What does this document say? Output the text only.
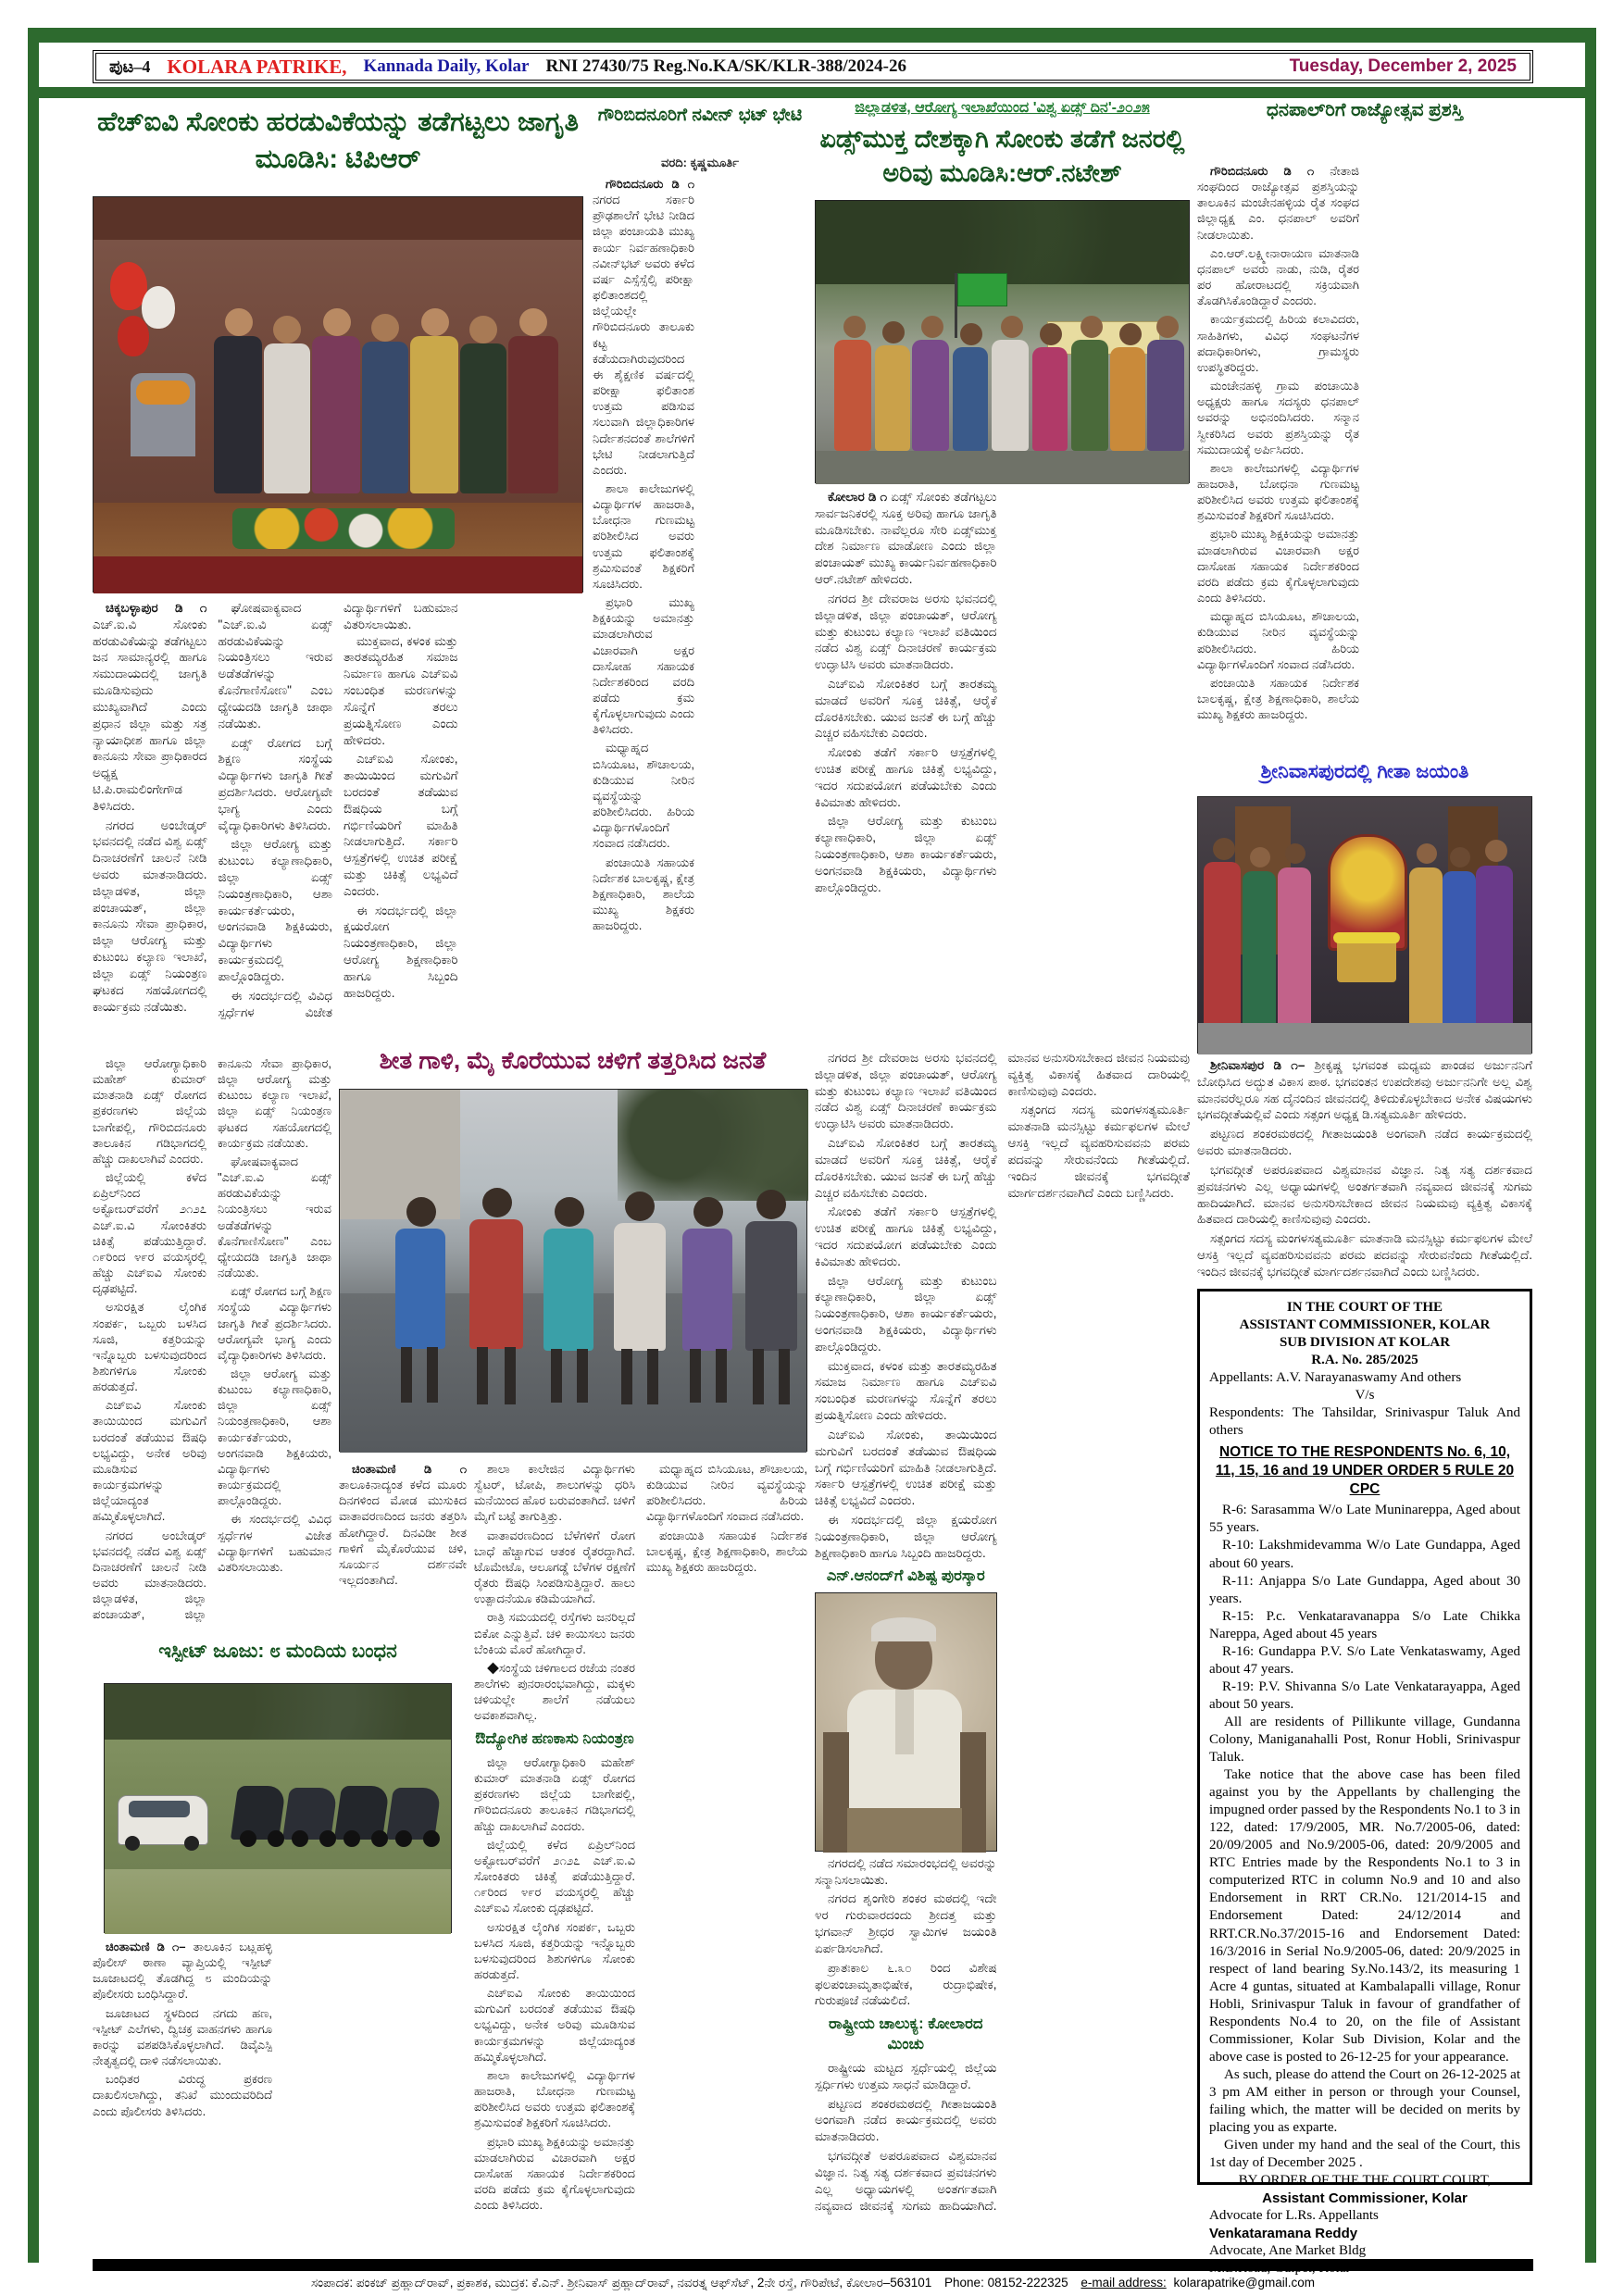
ಪುಟ–4 KOLARA PATRIKE, Kannada Daily, Kolar RNI 27430/75 Reg.No.KA/SK/KLR-388/2024-26	Tuesday, December 2, 2025
ಹೆಚ್‌ಐವಿ ಸೋಂಕು ಹರಡುವಿಕೆಯನ್ನು ತಡೆಗಟ್ಟಲು ಜಾಗೃತಿ ಮೂಡಿಸಿ: ಟಿಪಿಆರ್

ಚಿಕ್ಕಬಳ್ಳಾಪುರ ಡಿ ೧ ಎಚ್.ಐ.ವಿ ಸೋಂಕು ಹರಡುವಿಕೆಯನ್ನು ತಡೆಗಟ್ಟಲು ಜನ ಸಾಮಾನ್ಯರಲ್ಲಿ ಹಾಗೂ ಸಮುದಾಯದಲ್ಲಿ ಜಾಗೃತಿ ಮೂಡಿಸುವುದು ಮುಖ್ಯವಾಗಿದೆ ಎಂದು ಪ್ರಧಾನ ಜಿಲ್ಲಾ ಮತ್ತು ಸತ್ರ ನ್ಯಾಯಾಧೀಶ ಹಾಗೂ ಜಿಲ್ಲಾ ಕಾನೂನು ಸೇವಾ ಪ್ರಾಧಿಕಾರದ ಅಧ್ಯಕ್ಷ ಟಿ.ಪಿ.ರಾಮಲಿಂಗೇಗೌಡ ತಿಳಿಸಿದರು.

ನಗರದ ಅಂಬೇಡ್ಕರ್ ಭವನದಲ್ಲಿ ನಡೆದ ವಿಶ್ವ ಏಡ್ಸ್ ದಿನಾಚರಣೆಗೆ ಚಾಲನೆ ನೀಡಿ ಅವರು ಮಾತನಾಡಿದರು. ಜಿಲ್ಲಾಡಳಿತ, ಜಿಲ್ಲಾ ಪಂಚಾಯತ್, ಜಿಲ್ಲಾ ಕಾನೂನು ಸೇವಾ ಪ್ರಾಧಿಕಾರ, ಜಿಲ್ಲಾ ಆರೋಗ್ಯ ಮತ್ತು ಕುಟುಂಬ ಕಲ್ಯಾಣ ಇಲಾಖೆ, ಜಿಲ್ಲಾ ಏಡ್ಸ್ ನಿಯಂತ್ರಣ ಘಟಕದ ಸಹಯೋಗದಲ್ಲಿ ಕಾರ್ಯಕ್ರಮ ನಡೆಯಿತು.

ಘೋಷವಾಕ್ಯವಾದ "ಎಚ್.ಐ.ವಿ ಏಡ್ಸ್ ಹರಡುವಿಕೆಯನ್ನು ನಿಯಂತ್ರಿಸಲು ಇರುವ ಅಡೆತಡೆಗಳನ್ನು ಕೊನೆಗಾಣಿಸೋಣ" ಎಂಬ ಧ್ಯೇಯದಡಿ ಜಾಗೃತಿ ಜಾಥಾ ನಡೆಯಿತು.

ಏಡ್ಸ್ ರೋಗದ ಬಗ್ಗೆ ಶಿಕ್ಷಣ ಸಂಸ್ಥೆಯ ವಿದ್ಯಾರ್ಥಿಗಳು ಜಾಗೃತಿ ಗೀತೆ ಪ್ರದರ್ಶಿಸಿದರು. ಆರೋಗ್ಯವೇ ಭಾಗ್ಯ ಎಂದು ವೈದ್ಯಾಧಿಕಾರಿಗಳು ತಿಳಿಸಿದರು.

ಜಿಲ್ಲಾ ಆರೋಗ್ಯ ಮತ್ತು ಕುಟುಂಬ ಕಲ್ಯಾಣಾಧಿಕಾರಿ, ಜಿಲ್ಲಾ ಏಡ್ಸ್ ನಿಯಂತ್ರಣಾಧಿಕಾರಿ, ಆಶಾ ಕಾರ್ಯಕರ್ತೆಯರು, ಅಂಗನವಾಡಿ ಶಿಕ್ಷಕಿಯರು, ವಿದ್ಯಾರ್ಥಿಗಳು ಕಾರ್ಯಕ್ರಮದಲ್ಲಿ ಪಾಲ್ಗೊಂಡಿದ್ದರು.

ಈ ಸಂದರ್ಭದಲ್ಲಿ ವಿವಿಧ ಸ್ಪರ್ಧೆಗಳ ವಿಜೇತ ವಿದ್ಯಾರ್ಥಿಗಳಿಗೆ ಬಹುಮಾನ ವಿತರಿಸಲಾಯಿತು.

ಮುಕ್ತವಾದ, ಕಳಂಕ ಮತ್ತು ತಾರತಮ್ಯರಹಿತ ಸಮಾಜ ನಿರ್ಮಾಣ ಹಾಗೂ ಎಚ್‌ಐವಿ ಸಂಬಂಧಿತ ಮರಣಗಳನ್ನು ಸೊನ್ನೆಗೆ ತರಲು ಪ್ರಯತ್ನಿಸೋಣ ಎಂದು ಹೇಳಿದರು.

ಎಚ್‌ಐವಿ ಸೋಂಕು, ತಾಯಿಯಿಂದ ಮಗುವಿಗೆ ಬರದಂತೆ ತಡೆಯುವ ಔಷಧಿಯ ಬಗ್ಗೆ ಗರ್ಭಿಣಿಯರಿಗೆ ಮಾಹಿತಿ ನೀಡಲಾಗುತ್ತಿದೆ. ಸರ್ಕಾರಿ ಆಸ್ಪತ್ರೆಗಳಲ್ಲಿ ಉಚಿತ ಪರೀಕ್ಷೆ ಮತ್ತು ಚಿಕಿತ್ಸೆ ಲಭ್ಯವಿದೆ ಎಂದರು.

ಈ ಸಂದರ್ಭದಲ್ಲಿ ಜಿಲ್ಲಾ ಕ್ಷಯರೋಗ ನಿಯಂತ್ರಣಾಧಿಕಾರಿ, ಜಿಲ್ಲಾ ಆರೋಗ್ಯ ಶಿಕ್ಷಣಾಧಿಕಾರಿ ಹಾಗೂ ಸಿಬ್ಬಂದಿ ಹಾಜರಿದ್ದರು.

ಗೌರಿಬಿದನೂರಿಗೆ ನವೀನ್ ಭಟ್ ಭೇಟಿ
ವರದಿ: ಕೃಷ್ಣಮೂರ್ತಿ

ಗೌರಿಬಿದನೂರು ಡಿ ೧ ನಗರದ ಸರ್ಕಾರಿ ಪ್ರೌಢಶಾಲೆಗೆ ಭೇಟಿ ನೀಡಿದ ಜಿಲ್ಲಾ ಪಂಚಾಯತಿ ಮುಖ್ಯ ಕಾರ್ಯ ನಿರ್ವಹಣಾಧಿಕಾರಿ ನವೀನ್‌ಭಟ್ ಅವರು ಕಳೆದ ವರ್ಷ ಎಸ್ಸೆಸ್ಸೆಲ್ಸಿ ಪರೀಕ್ಷಾ ಫಲಿತಾಂಶದಲ್ಲಿ ಜಿಲ್ಲೆಯಲ್ಲೇ ಗೌರಿಬಿದನೂರು ತಾಲೂಕು ಕಟ್ಟ ಕಡೆಯದಾಗಿರುವುದರಿಂದ ಈ ಶೈಕ್ಷಣಿಕ ವರ್ಷದಲ್ಲಿ ಪರೀಕ್ಷಾ ಫಲಿತಾಂಶ ಉತ್ತಮ ಪಡಿಸುವ ಸಲುವಾಗಿ ಜಿಲ್ಲಾಧಿಕಾರಿಗಳ ನಿರ್ದೇಶನದಂತೆ ಶಾಲೆಗಳಿಗೆ ಭೇಟಿ ನೀಡಲಾಗುತ್ತಿದೆ ಎಂದರು.

ಶಾಲಾ ಕಾಲೇಜುಗಳಲ್ಲಿ ವಿದ್ಯಾರ್ಥಿಗಳ ಹಾಜರಾತಿ, ಬೋಧನಾ ಗುಣಮಟ್ಟ ಪರಿಶೀಲಿಸಿದ ಅವರು ಉತ್ತಮ ಫಲಿತಾಂಶಕ್ಕೆ ಶ್ರಮಿಸುವಂತೆ ಶಿಕ್ಷಕರಿಗೆ ಸೂಚಿಸಿದರು.

ಪ್ರಭಾರಿ ಮುಖ್ಯ ಶಿಕ್ಷಕಿಯನ್ನು ಅಮಾನತ್ತು ಮಾಡಲಾಗಿರುವ ವಿಚಾರವಾಗಿ ಅಕ್ಷರ ದಾಸೋಹ ಸಹಾಯಕ ನಿರ್ದೇಶಕರಿಂದ ವರದಿ ಪಡೆದು ಕ್ರಮ ಕೈಗೊಳ್ಳಲಾಗುವುದು ಎಂದು ತಿಳಿಸಿದರು.

ಮಧ್ಯಾಹ್ನದ ಬಿಸಿಯೂಟ, ಶೌಚಾಲಯ, ಕುಡಿಯುವ ನೀರಿನ ವ್ಯವಸ್ಥೆಯನ್ನು ಪರಿಶೀಲಿಸಿದರು. ಹಿರಿಯ ವಿದ್ಯಾರ್ಥಿಗಳೊಂದಿಗೆ ಸಂವಾದ ನಡೆಸಿದರು.

ಪಂಚಾಯಿತಿ ಸಹಾಯಕ ನಿರ್ದೇಶಕ ಬಾಲಕೃಷ್ಣ, ಕ್ಷೇತ್ರ ಶಿಕ್ಷಣಾಧಿಕಾರಿ, ಶಾಲೆಯ ಮುಖ್ಯ ಶಿಕ್ಷಕರು ಹಾಜರಿದ್ದರು.

ಜಿಲ್ಲಾಡಳಿತ, ಆರೋಗ್ಯ ಇಲಾಖೆಯಿಂದ 'ವಿಶ್ವ ಏಡ್ಸ್ ದಿನ'-೨೦೨೫
ಏಡ್ಸ್‌ಮುಕ್ತ ದೇಶಕ್ಕಾಗಿ ಸೋಂಕು ತಡೆಗೆ ಜನರಲ್ಲಿ ಅರಿವು ಮೂಡಿಸಿ:ಆರ್.ನಟೇಶ್

ಕೋಲಾರ ಡಿ ೧ ಏಡ್ಸ್ ಸೋಂಕು ತಡೆಗಟ್ಟಲು ಸಾರ್ವಜನಿಕರಲ್ಲಿ ಸೂಕ್ತ ಅರಿವು ಹಾಗೂ ಜಾಗೃತಿ ಮೂಡಿಸಬೇಕು. ನಾವೆಲ್ಲರೂ ಸೇರಿ ಏಡ್ಸ್‌ಮುಕ್ತ ದೇಶ ನಿರ್ಮಾಣ ಮಾಡೋಣ ಎಂದು ಜಿಲ್ಲಾ ಪಂಚಾಯತ್ ಮುಖ್ಯ ಕಾರ್ಯನಿರ್ವಹಣಾಧಿಕಾರಿ ಆರ್.ನಟೇಶ್ ಹೇಳಿದರು.

ನಗರದ ಶ್ರೀ ದೇವರಾಜ ಅರಸು ಭವನದಲ್ಲಿ ಜಿಲ್ಲಾಡಳಿತ, ಜಿಲ್ಲಾ ಪಂಚಾಯತ್, ಆರೋಗ್ಯ ಮತ್ತು ಕುಟುಂಬ ಕಲ್ಯಾಣ ಇಲಾಖೆ ವತಿಯಿಂದ ನಡೆದ ವಿಶ್ವ ಏಡ್ಸ್ ದಿನಾಚರಣೆ ಕಾರ್ಯಕ್ರಮ ಉದ್ಘಾಟಿಸಿ ಅವರು ಮಾತನಾಡಿದರು.

ಎಚ್‌ಐವಿ ಸೋಂಕಿತರ ಬಗ್ಗೆ ತಾರತಮ್ಯ ಮಾಡದೆ ಅವರಿಗೆ ಸೂಕ್ತ ಚಿಕಿತ್ಸೆ, ಆರೈಕೆ ದೊರಕಿಸಬೇಕು. ಯುವ ಜನತೆ ಈ ಬಗ್ಗೆ ಹೆಚ್ಚು ಎಚ್ಚರ ವಹಿಸಬೇಕು ಎಂದರು.

ಸೋಂಕು ತಡೆಗೆ ಸರ್ಕಾರಿ ಆಸ್ಪತ್ರೆಗಳಲ್ಲಿ ಉಚಿತ ಪರೀಕ್ಷೆ ಹಾಗೂ ಚಿಕಿತ್ಸೆ ಲಭ್ಯವಿದ್ದು, ಇದರ ಸದುಪಯೋಗ ಪಡೆಯಬೇಕು ಎಂದು ಕಿವಿಮಾತು ಹೇಳಿದರು.

ಜಿಲ್ಲಾ ಆರೋಗ್ಯ ಮತ್ತು ಕುಟುಂಬ ಕಲ್ಯಾಣಾಧಿಕಾರಿ, ಜಿಲ್ಲಾ ಏಡ್ಸ್ ನಿಯಂತ್ರಣಾಧಿಕಾರಿ, ಆಶಾ ಕಾರ್ಯಕರ್ತೆಯರು, ಅಂಗನವಾಡಿ ಶಿಕ್ಷಕಿಯರು, ವಿದ್ಯಾರ್ಥಿಗಳು ಪಾಲ್ಗೊಂಡಿದ್ದರು.

ಧನಪಾಲ್‌ರಿಗೆ ರಾಜ್ಯೋತ್ಸವ ಪ್ರಶಸ್ತಿ

ಗೌರಿಬಿದನೂರು ಡಿ ೧ ನೇತಾಜಿ ಸಂಘದಿಂದ ರಾಜ್ಯೋತ್ಸವ ಪ್ರಶಸ್ತಿಯನ್ನು ತಾಲೂಕಿನ ಮಂಚೇನಹಳ್ಳಿಯ ರೈತ ಸಂಘದ ಜಿಲ್ಲಾಧ್ಯಕ್ಷ ಎಂ. ಧನಪಾಲ್ ಅವರಿಗೆ ನೀಡಲಾಯಿತು.

ಎಂ.ಆರ್.ಲಕ್ಷ್ಮೀನಾರಾಯಣ ಮಾತನಾಡಿ ಧನಪಾಲ್ ಅವರು ನಾಡು, ನುಡಿ, ರೈತರ ಪರ ಹೋರಾಟದಲ್ಲಿ ಸಕ್ರಿಯವಾಗಿ ತೊಡಗಿಸಿಕೊಂಡಿದ್ದಾರೆ ಎಂದರು.

ಕಾರ್ಯಕ್ರಮದಲ್ಲಿ ಹಿರಿಯ ಕಲಾವಿದರು, ಸಾಹಿತಿಗಳು, ವಿವಿಧ ಸಂಘಟನೆಗಳ ಪದಾಧಿಕಾರಿಗಳು, ಗ್ರಾಮಸ್ಥರು ಉಪಸ್ಥಿತರಿದ್ದರು.

ಮಂಚೇನಹಳ್ಳಿ ಗ್ರಾಮ ಪಂಚಾಯಿತಿ ಅಧ್ಯಕ್ಷರು ಹಾಗೂ ಸದಸ್ಯರು ಧನಪಾಲ್ ಅವರನ್ನು ಅಭಿನಂದಿಸಿದರು. ಸನ್ಮಾನ ಸ್ವೀಕರಿಸಿದ ಅವರು ಪ್ರಶಸ್ತಿಯನ್ನು ರೈತ ಸಮುದಾಯಕ್ಕೆ ಅರ್ಪಿಸಿದರು.

ಶಾಲಾ ಕಾಲೇಜುಗಳಲ್ಲಿ ವಿದ್ಯಾರ್ಥಿಗಳ ಹಾಜರಾತಿ, ಬೋಧನಾ ಗುಣಮಟ್ಟ ಪರಿಶೀಲಿಸಿದ ಅವರು ಉತ್ತಮ ಫಲಿತಾಂಶಕ್ಕೆ ಶ್ರಮಿಸುವಂತೆ ಶಿಕ್ಷಕರಿಗೆ ಸೂಚಿಸಿದರು.

ಪ್ರಭಾರಿ ಮುಖ್ಯ ಶಿಕ್ಷಕಿಯನ್ನು ಅಮಾನತ್ತು ಮಾಡಲಾಗಿರುವ ವಿಚಾರವಾಗಿ ಅಕ್ಷರ ದಾಸೋಹ ಸಹಾಯಕ ನಿರ್ದೇಶಕರಿಂದ ವರದಿ ಪಡೆದು ಕ್ರಮ ಕೈಗೊಳ್ಳಲಾಗುವುದು ಎಂದು ತಿಳಿಸಿದರು.

ಮಧ್ಯಾಹ್ನದ ಬಿಸಿಯೂಟ, ಶೌಚಾಲಯ, ಕುಡಿಯುವ ನೀರಿನ ವ್ಯವಸ್ಥೆಯನ್ನು ಪರಿಶೀಲಿಸಿದರು. ಹಿರಿಯ ವಿದ್ಯಾರ್ಥಿಗಳೊಂದಿಗೆ ಸಂವಾದ ನಡೆಸಿದರು.

ಪಂಚಾಯಿತಿ ಸಹಾಯಕ ನಿರ್ದೇಶಕ ಬಾಲಕೃಷ್ಣ, ಕ್ಷೇತ್ರ ಶಿಕ್ಷಣಾಧಿಕಾರಿ, ಶಾಲೆಯ ಮುಖ್ಯ ಶಿಕ್ಷಕರು ಹಾಜರಿದ್ದರು.

ಶ್ರೀನಿವಾಸಪುರದಲ್ಲಿ ಗೀತಾ ಜಯಂತಿ

ಶ್ರೀನಿವಾಸಪುರ ಡಿ ೧– ಶ್ರೀಕೃಷ್ಣ ಭಗವಂತ ಮಧ್ಯಮ ಪಾಂಡವ ಅರ್ಜುನನಿಗೆ ಬೋಧಿಸಿದ ಅದ್ಭುತ ವಿಕಾಸ ಪಾಠ. ಭಗವಂತನ ಉಪದೇಶವು ಅರ್ಜುನನಿಗೇ ಅಲ್ಲ ವಿಶ್ವ ಮಾನವರೆಲ್ಲರೂ ಸಹ ದೈನಂದಿನ ಜೀವನದಲ್ಲಿ ತಿಳಿದುಕೊಳ್ಳಬೇಕಾದ ಅನೇಕ ವಿಷಯಗಳು ಭಗವದ್ಗೀತೆಯಲ್ಲಿವೆ ಎಂದು ಸತ್ಸಂಗ ಅಧ್ಯಕ್ಷ ಡಿ.ಸತ್ಯಮೂರ್ತಿ ಹೇಳಿದರು.

ಪಟ್ಟಣದ ಶಂಕರಮಠದಲ್ಲಿ ಗೀತಾಜಯಂತಿ ಅಂಗವಾಗಿ ನಡೆದ ಕಾರ್ಯಕ್ರಮದಲ್ಲಿ ಅವರು ಮಾತನಾಡಿದರು.

ಭಗವದ್ಗೀತೆ ಅಪರೂಪವಾದ ವಿಶ್ವಮಾನವ ವಿಜ್ಞಾನ. ನಿತ್ಯ ಸತ್ಯ ದರ್ಶಕವಾದ ಪ್ರವಚನಗಳು ಎಲ್ಲ ಅಧ್ಯಾಯಗಳಲ್ಲಿ ಅಂತರ್ಗತವಾಗಿ ನವ್ಯವಾದ ಜೀವನಕ್ಕೆ ಸುಗಮ ಹಾದಿಯಾಗಿದೆ. ಮಾನವ ಅನುಸರಿಸಬೇಕಾದ ಜೀವನ ನಿಯಮವು ವ್ಯಕ್ತಿತ್ವ ವಿಕಾಸಕ್ಕೆ ಹಿತವಾದ ದಾರಿಯಲ್ಲಿ ಕಾಣಿಸುವುವು ಎಂದರು.

ಸತ್ಸಂಗದ ಸದಸ್ಯ ಮಂಗಳಸತ್ಯಮೂರ್ತಿ ಮಾತನಾಡಿ ಮನಸ್ಸಿಟ್ಟು ಕರ್ಮಫಲಗಳ ಮೇಲೆ ಆಸಕ್ತಿ ಇಲ್ಲದೆ ವ್ಯವಹರಿಸುವವನು ಪರಮ ಪದವನ್ನು ಸೇರುವನೆಂದು ಗೀತೆಯಲ್ಲಿದೆ. ಇಂದಿನ ಜೀವನಕ್ಕೆ ಭಗವದ್ಗೀತೆ ಮಾರ್ಗದರ್ಶನವಾಗಿದೆ ಎಂದು ಬಣ್ಣಿಸಿದರು.

IN THE COURT OF THE

ASSISTANT COMMISSIONER, KOLAR

SUB DIVISION AT KOLAR

R.A. No. 285/2025

Appellants: A.V. Narayanaswamy And others

V/s

Respondents: The Tahsildar, Srinivaspur Taluk And others

NOTICE TO THE RESPONDENTS No. 6, 10, 11, 15, 16 and 19 UNDER ORDER 5 RULE 20 CPC

R-6: Sarasamma W/o Late Muninareppa, Aged about 55 years.

R-10: Lakshmidevamma W/o Late Gundappa, Aged about 60 years.

R-11: Anjappa S/o Late Gundappa, Aged about 30 years.

R-15: P.c. Venkataravanappa S/o Late Chikka Nareppa, Aged about 45 years

R-16: Gundappa P.V. S/o Late Venkataswamy, Aged about 47 years.

R-19: P.V. Shivanna S/o Late Venkatarayappa, Aged about 50 years.

All are residents of Pillikunte village, Gundanna Colony, Maniganahalli Post, Ronur Hobli, Srinivaspur Taluk.

Take notice that the above case has been filed against you by the Appellants by challenging the impugned order passed by the Respondents No.1 to 3 in 122, dated: 17/9/2005, MR. No.7/2005-06, dated: 20/09/2005 and No.9/2005-06, dated: 20/9/2005 and RTC Entries made by the Respondents No.1 to 3 in computerized RTC in column No.9 and 10 and also Endorsement in RRT CR.No. 121/2014-15 and Endorsement Dated: 24/12/2014 and RRT.CR.No.37/2015-16 and Endorsement Dated: 16/3/2016 in Serial No.9/2005-06, dated: 20/9/2025 in respect of land bearing Sy.No.143/2, its measuring 1 Acre 4 guntas, situated at Kambalapalli village, Ronur Hobli, Srinivaspur Taluk in favour of grandfather of Respondents No.4 to 20, on the file of Assistant Commissioner, Kolar Sub Division, Kolar and the above case is posted to 26-12-25 for your appearance.

As such, please do attend the Court on 26-12-2025 at 3 pm AM either in person or through your Counsel, failing which, the matter will be decided on merits by placing you as exparte.

Given under my hand and the seal of the Court, this 1st day of December 2025 .

BY ORDER OF THE THE COURT COURT,

Assistant Commissioner, Kolar

Advocate for L.Rs. Appellants

Venkataramana Reddy

Advocate, Ane Market Bldg

ಶೀತ ಗಾಳಿ, ಮೈ ಕೊರೆಯುವ ಚಳಿಗೆ ತತ್ತರಿಸಿದ ಜನತೆ

ಜಿಲ್ಲಾ ಆರೋಗ್ಯಾಧಿಕಾರಿ ಮಹೇಶ್ ಕುಮಾರ್ ಮಾತನಾಡಿ ಏಡ್ಸ್ ರೋಗದ ಪ್ರಕರಣಗಳು ಜಿಲ್ಲೆಯ ಬಾಗೇಪಲ್ಲಿ, ಗೌರಿಬಿದನೂರು ತಾಲೂಕಿನ ಗಡಿಭಾಗದಲ್ಲಿ ಹೆಚ್ಚು ದಾಖಲಾಗಿವೆ ಎಂದರು.

ಜಿಲ್ಲೆಯಲ್ಲಿ ಕಳೆದ ಏಪ್ರಿಲ್‌ನಿಂದ ಅಕ್ಟೋಬರ್‌ವರೆಗೆ ೨೧೨೭ ಎಚ್.ಐ.ವಿ ಸೋಂಕಿತರು ಚಿಕಿತ್ಸೆ ಪಡೆಯುತ್ತಿದ್ದಾರೆ. ೧೯ರಿಂದ ೪೯ರ ವಯಸ್ಕರಲ್ಲಿ ಹೆಚ್ಚು ಎಚ್‌ಐವಿ ಸೋಂಕು ದೃಢಪಟ್ಟಿದೆ.

ಅಸುರಕ್ಷಿತ ಲೈಂಗಿಕ ಸಂಪರ್ಕ, ಒಬ್ಬರು ಬಳಸಿದ ಸೂಜಿ, ಕತ್ತರಿಯನ್ನು ಇನ್ನೊಬ್ಬರು ಬಳಸುವುದರಿಂದ ಶಿಶುಗಳಿಗೂ ಸೋಂಕು ಹರಡುತ್ತದೆ.

ಎಚ್‌ಐವಿ ಸೋಂಕು ತಾಯಿಯಿಂದ ಮಗುವಿಗೆ ಬರದಂತೆ ತಡೆಯುವ ಔಷಧಿ ಲಭ್ಯವಿದ್ದು, ಅನೇಕ ಅರಿವು ಮೂಡಿಸುವ ಕಾರ್ಯಕ್ರಮಗಳನ್ನು ಜಿಲ್ಲೆಯಾದ್ಯಂತ ಹಮ್ಮಿಕೊಳ್ಳಲಾಗಿದೆ.

ನಗರದ ಅಂಬೇಡ್ಕರ್ ಭವನದಲ್ಲಿ ನಡೆದ ವಿಶ್ವ ಏಡ್ಸ್ ದಿನಾಚರಣೆಗೆ ಚಾಲನೆ ನೀಡಿ ಅವರು ಮಾತನಾಡಿದರು. ಜಿಲ್ಲಾಡಳಿತ, ಜಿಲ್ಲಾ ಪಂಚಾಯತ್, ಜಿಲ್ಲಾ ಕಾನೂನು ಸೇವಾ ಪ್ರಾಧಿಕಾರ, ಜಿಲ್ಲಾ ಆರೋಗ್ಯ ಮತ್ತು ಕುಟುಂಬ ಕಲ್ಯಾಣ ಇಲಾಖೆ, ಜಿಲ್ಲಾ ಏಡ್ಸ್ ನಿಯಂತ್ರಣ ಘಟಕದ ಸಹಯೋಗದಲ್ಲಿ ಕಾರ್ಯಕ್ರಮ ನಡೆಯಿತು.

ಘೋಷವಾಕ್ಯವಾದ "ಎಚ್.ಐ.ವಿ ಏಡ್ಸ್ ಹರಡುವಿಕೆಯನ್ನು ನಿಯಂತ್ರಿಸಲು ಇರುವ ಅಡೆತಡೆಗಳನ್ನು ಕೊನೆಗಾಣಿಸೋಣ" ಎಂಬ ಧ್ಯೇಯದಡಿ ಜಾಗೃತಿ ಜಾಥಾ ನಡೆಯಿತು.

ಏಡ್ಸ್ ರೋಗದ ಬಗ್ಗೆ ಶಿಕ್ಷಣ ಸಂಸ್ಥೆಯ ವಿದ್ಯಾರ್ಥಿಗಳು ಜಾಗೃತಿ ಗೀತೆ ಪ್ರದರ್ಶಿಸಿದರು. ಆರೋಗ್ಯವೇ ಭಾಗ್ಯ ಎಂದು ವೈದ್ಯಾಧಿಕಾರಿಗಳು ತಿಳಿಸಿದರು.

ಜಿಲ್ಲಾ ಆರೋಗ್ಯ ಮತ್ತು ಕುಟುಂಬ ಕಲ್ಯಾಣಾಧಿಕಾರಿ, ಜಿಲ್ಲಾ ಏಡ್ಸ್ ನಿಯಂತ್ರಣಾಧಿಕಾರಿ, ಆಶಾ ಕಾರ್ಯಕರ್ತೆಯರು, ಅಂಗನವಾಡಿ ಶಿಕ್ಷಕಿಯರು, ವಿದ್ಯಾರ್ಥಿಗಳು ಕಾರ್ಯಕ್ರಮದಲ್ಲಿ ಪಾಲ್ಗೊಂಡಿದ್ದರು.

ಈ ಸಂದರ್ಭದಲ್ಲಿ ವಿವಿಧ ಸ್ಪರ್ಧೆಗಳ ವಿಜೇತ ವಿದ್ಯಾರ್ಥಿಗಳಿಗೆ ಬಹುಮಾನ ವಿತರಿಸಲಾಯಿತು.

ಚಿಂತಾಮಣಿ ಡಿ ೧ ತಾಲೂಕಿನಾದ್ಯಂತ ಕಳೆದ ಮೂರು ದಿನಗಳಿಂದ ಮೋಡ ಮುಸುಕಿದ ವಾತಾವರಣದಿಂದ ಜನರು ತತ್ತರಿಸಿ ಹೋಗಿದ್ದಾರೆ. ದಿನವಿಡೀ ಶೀತ ಗಾಳಿಗೆ ಮೈಕೊರೆಯುವ ಚಳಿ, ಸೂರ್ಯನ ದರ್ಶನವೇ ಇಲ್ಲದಂತಾಗಿದೆ.

ಶಾಲಾ ಕಾಲೇಜಿನ ವಿದ್ಯಾರ್ಥಿಗಳು ಸ್ವೆಟರ್, ಟೋಪಿ, ಶಾಲುಗಳನ್ನು ಧರಿಸಿ ಮನೆಯಿಂದ ಹೊರ ಬರುವಂತಾಗಿದೆ. ಚಳಿಗೆ ಮೈಗೆ ಬಟ್ಟೆ ತಾಗುತ್ತಿತ್ತು.

ವಾತಾವರಣದಿಂದ ಬೆಳೆಗಳಿಗೆ ರೋಗ ಬಾಧೆ ಹೆಚ್ಚಾಗುವ ಆತಂಕ ರೈತರದ್ದಾಗಿದೆ. ಟೊಮೇಟೊ, ಆಲೂಗಡ್ಡೆ ಬೆಳೆಗಳ ರಕ್ಷಣೆಗೆ ರೈತರು ಔಷಧಿ ಸಿಂಪಡಿಸುತ್ತಿದ್ದಾರೆ. ಹಾಲು ಉತ್ಪಾದನೆಯೂ ಕಡಿಮೆಯಾಗಿದೆ.

ರಾತ್ರಿ ಸಮಯದಲ್ಲಿ ರಸ್ತೆಗಳು ಜನರಿಲ್ಲದೆ ಬಿಕೋ ಎನ್ನುತ್ತಿವೆ. ಚಳಿ ಕಾಯಿಸಲು ಜನರು ಬೆಂಕಿಯ ಮೊರೆ ಹೋಗಿದ್ದಾರೆ.

◆ಸಂಸ್ಥೆಯ ಚಳಿಗಾಲದ ರಜೆಯ ನಂತರ ಶಾಲೆಗಳು ಪುನರಾರಂಭವಾಗಿದ್ದು, ಮಕ್ಕಳು ಚಳಿಯಲ್ಲೇ ಶಾಲೆಗೆ ನಡೆಯಲು ಅವಕಾಶವಾಗಿಲ್ಲ.

ಔದ್ಯೋಗಿಕ ಹಣಕಾಸು ನಿಯಂತ್ರಣ

ಜಿಲ್ಲಾ ಆರೋಗ್ಯಾಧಿಕಾರಿ ಮಹೇಶ್ ಕುಮಾರ್ ಮಾತನಾಡಿ ಏಡ್ಸ್ ರೋಗದ ಪ್ರಕರಣಗಳು ಜಿಲ್ಲೆಯ ಬಾಗೇಪಲ್ಲಿ, ಗೌರಿಬಿದನೂರು ತಾಲೂಕಿನ ಗಡಿಭಾಗದಲ್ಲಿ ಹೆಚ್ಚು ದಾಖಲಾಗಿವೆ ಎಂದರು.

ಜಿಲ್ಲೆಯಲ್ಲಿ ಕಳೆದ ಏಪ್ರಿಲ್‌ನಿಂದ ಅಕ್ಟೋಬರ್‌ವರೆಗೆ ೨೧೨೭ ಎಚ್.ಐ.ವಿ ಸೋಂಕಿತರು ಚಿಕಿತ್ಸೆ ಪಡೆಯುತ್ತಿದ್ದಾರೆ. ೧೯ರಿಂದ ೪೯ರ ವಯಸ್ಕರಲ್ಲಿ ಹೆಚ್ಚು ಎಚ್‌ಐವಿ ಸೋಂಕು ದೃಢಪಟ್ಟಿದೆ.

ಅಸುರಕ್ಷಿತ ಲೈಂಗಿಕ ಸಂಪರ್ಕ, ಒಬ್ಬರು ಬಳಸಿದ ಸೂಜಿ, ಕತ್ತರಿಯನ್ನು ಇನ್ನೊಬ್ಬರು ಬಳಸುವುದರಿಂದ ಶಿಶುಗಳಿಗೂ ಸೋಂಕು ಹರಡುತ್ತದೆ.

ಎಚ್‌ಐವಿ ಸೋಂಕು ತಾಯಿಯಿಂದ ಮಗುವಿಗೆ ಬರದಂತೆ ತಡೆಯುವ ಔಷಧಿ ಲಭ್ಯವಿದ್ದು, ಅನೇಕ ಅರಿವು ಮೂಡಿಸುವ ಕಾರ್ಯಕ್ರಮಗಳನ್ನು ಜಿಲ್ಲೆಯಾದ್ಯಂತ ಹಮ್ಮಿಕೊಳ್ಳಲಾಗಿದೆ.

ಶಾಲಾ ಕಾಲೇಜುಗಳಲ್ಲಿ ವಿದ್ಯಾರ್ಥಿಗಳ ಹಾಜರಾತಿ, ಬೋಧನಾ ಗುಣಮಟ್ಟ ಪರಿಶೀಲಿಸಿದ ಅವರು ಉತ್ತಮ ಫಲಿತಾಂಶಕ್ಕೆ ಶ್ರಮಿಸುವಂತೆ ಶಿಕ್ಷಕರಿಗೆ ಸೂಚಿಸಿದರು.

ಪ್ರಭಾರಿ ಮುಖ್ಯ ಶಿಕ್ಷಕಿಯನ್ನು ಅಮಾನತ್ತು ಮಾಡಲಾಗಿರುವ ವಿಚಾರವಾಗಿ ಅಕ್ಷರ ದಾಸೋಹ ಸಹಾಯಕ ನಿರ್ದೇಶಕರಿಂದ ವರದಿ ಪಡೆದು ಕ್ರಮ ಕೈಗೊಳ್ಳಲಾಗುವುದು ಎಂದು ತಿಳಿಸಿದರು.

ಮಧ್ಯಾಹ್ನದ ಬಿಸಿಯೂಟ, ಶೌಚಾಲಯ, ಕುಡಿಯುವ ನೀರಿನ ವ್ಯವಸ್ಥೆಯನ್ನು ಪರಿಶೀಲಿಸಿದರು. ಹಿರಿಯ ವಿದ್ಯಾರ್ಥಿಗಳೊಂದಿಗೆ ಸಂವಾದ ನಡೆಸಿದರು.

ಪಂಚಾಯಿತಿ ಸಹಾಯಕ ನಿರ್ದೇಶಕ ಬಾಲಕೃಷ್ಣ, ಕ್ಷೇತ್ರ ಶಿಕ್ಷಣಾಧಿಕಾರಿ, ಶಾಲೆಯ ಮುಖ್ಯ ಶಿಕ್ಷಕರು ಹಾಜರಿದ್ದರು.

ಇಸ್ಪೀಟ್ ಜೂಜು: ೮ ಮಂದಿಯ ಬಂಧನ

ಚಿಂತಾಮಣಿ ಡಿ ೧– ತಾಲೂಕಿನ ಬಟ್ಲಹಳ್ಳಿ ಪೊಲೀಸ್ ಠಾಣಾ ವ್ಯಾಪ್ತಿಯಲ್ಲಿ ಇಸ್ಪೀಟ್ ಜೂಜಾಟದಲ್ಲಿ ತೊಡಗಿದ್ದ ೮ ಮಂದಿಯನ್ನು ಪೊಲೀಸರು ಬಂಧಿಸಿದ್ದಾರೆ.

ಜೂಜಾಟದ ಸ್ಥಳದಿಂದ ನಗದು ಹಣ, ಇಸ್ಪೀಟ್ ಎಲೆಗಳು, ದ್ವಿಚಕ್ರ ವಾಹನಗಳು ಹಾಗೂ ಕಾರನ್ನು ವಶಪಡಿಸಿಕೊಳ್ಳಲಾಗಿದೆ. ಡಿವೈಎಸ್ಪಿ ನೇತೃತ್ವದಲ್ಲಿ ದಾಳಿ ನಡೆಸಲಾಯಿತು.

ಬಂಧಿತರ ವಿರುದ್ಧ ಪ್ರಕರಣ ದಾಖಲಿಸಲಾಗಿದ್ದು, ತನಿಖೆ ಮುಂದುವರಿದಿದೆ ಎಂದು ಪೊಲೀಸರು ತಿಳಿಸಿದರು.

ನಗರದ ಶ್ರೀ ದೇವರಾಜ ಅರಸು ಭವನದಲ್ಲಿ ಜಿಲ್ಲಾಡಳಿತ, ಜಿಲ್ಲಾ ಪಂಚಾಯತ್, ಆರೋಗ್ಯ ಮತ್ತು ಕುಟುಂಬ ಕಲ್ಯಾಣ ಇಲಾಖೆ ವತಿಯಿಂದ ನಡೆದ ವಿಶ್ವ ಏಡ್ಸ್ ದಿನಾಚರಣೆ ಕಾರ್ಯಕ್ರಮ ಉದ್ಘಾಟಿಸಿ ಅವರು ಮಾತನಾಡಿದರು.

ಎಚ್‌ಐವಿ ಸೋಂಕಿತರ ಬಗ್ಗೆ ತಾರತಮ್ಯ ಮಾಡದೆ ಅವರಿಗೆ ಸೂಕ್ತ ಚಿಕಿತ್ಸೆ, ಆರೈಕೆ ದೊರಕಿಸಬೇಕು. ಯುವ ಜನತೆ ಈ ಬಗ್ಗೆ ಹೆಚ್ಚು ಎಚ್ಚರ ವಹಿಸಬೇಕು ಎಂದರು.

ಸೋಂಕು ತಡೆಗೆ ಸರ್ಕಾರಿ ಆಸ್ಪತ್ರೆಗಳಲ್ಲಿ ಉಚಿತ ಪರೀಕ್ಷೆ ಹಾಗೂ ಚಿಕಿತ್ಸೆ ಲಭ್ಯವಿದ್ದು, ಇದರ ಸದುಪಯೋಗ ಪಡೆಯಬೇಕು ಎಂದು ಕಿವಿಮಾತು ಹೇಳಿದರು.

ಜಿಲ್ಲಾ ಆರೋಗ್ಯ ಮತ್ತು ಕುಟುಂಬ ಕಲ್ಯಾಣಾಧಿಕಾರಿ, ಜಿಲ್ಲಾ ಏಡ್ಸ್ ನಿಯಂತ್ರಣಾಧಿಕಾರಿ, ಆಶಾ ಕಾರ್ಯಕರ್ತೆಯರು, ಅಂಗನವಾಡಿ ಶಿಕ್ಷಕಿಯರು, ವಿದ್ಯಾರ್ಥಿಗಳು ಪಾಲ್ಗೊಂಡಿದ್ದರು.

ಮುಕ್ತವಾದ, ಕಳಂಕ ಮತ್ತು ತಾರತಮ್ಯರಹಿತ ಸಮಾಜ ನಿರ್ಮಾಣ ಹಾಗೂ ಎಚ್‌ಐವಿ ಸಂಬಂಧಿತ ಮರಣಗಳನ್ನು ಸೊನ್ನೆಗೆ ತರಲು ಪ್ರಯತ್ನಿಸೋಣ ಎಂದು ಹೇಳಿದರು.

ಎಚ್‌ಐವಿ ಸೋಂಕು, ತಾಯಿಯಿಂದ ಮಗುವಿಗೆ ಬರದಂತೆ ತಡೆಯುವ ಔಷಧಿಯ ಬಗ್ಗೆ ಗರ್ಭಿಣಿಯರಿಗೆ ಮಾಹಿತಿ ನೀಡಲಾಗುತ್ತಿದೆ. ಸರ್ಕಾರಿ ಆಸ್ಪತ್ರೆಗಳಲ್ಲಿ ಉಚಿತ ಪರೀಕ್ಷೆ ಮತ್ತು ಚಿಕಿತ್ಸೆ ಲಭ್ಯವಿದೆ ಎಂದರು.

ಈ ಸಂದರ್ಭದಲ್ಲಿ ಜಿಲ್ಲಾ ಕ್ಷಯರೋಗ ನಿಯಂತ್ರಣಾಧಿಕಾರಿ, ಜಿಲ್ಲಾ ಆರೋಗ್ಯ ಶಿಕ್ಷಣಾಧಿಕಾರಿ ಹಾಗೂ ಸಿಬ್ಬಂದಿ ಹಾಜರಿದ್ದರು.

ಎನ್.ಆನಂದ್‌ಗೆ ವಿಶಿಷ್ಟ ಪುರಸ್ಕಾರ

ನಗರದಲ್ಲಿ ನಡೆದ ಸಮಾರಂಭದಲ್ಲಿ ಅವರನ್ನು ಸನ್ಮಾನಿಸಲಾಯಿತು.

ನಗರದ ಶೃಂಗೇರಿ ಶಂಕರ ಮಠದಲ್ಲಿ ಇದೇ ೪ರ ಗುರುವಾರದಂದು ಶ್ರೀದತ್ತ ಮತ್ತು ಭಗವಾನ್ ಶ್ರೀಧರ ಸ್ವಾಮಿಗಳ ಜಯಂತಿ ಏರ್ಪಡಿಸಲಾಗಿದೆ.

ಪ್ರಾತಃಕಾಲ ೬.೩೦ ರಿಂದ ವಿಶೇಷ ಫಲಪಂಚಾಮೃತಾಭಿಷೇಕ, ರುದ್ರಾಭಿಷೇಕ, ಗುರುಪೂಜೆ ನಡೆಯಲಿದೆ.

ರಾಷ್ಟ್ರೀಯ ಚಾಲುಕ್ಯ: ಕೋಲಾರದ ಮಿಂಚು

ರಾಷ್ಟ್ರೀಯ ಮಟ್ಟದ ಸ್ಪರ್ಧೆಯಲ್ಲಿ ಜಿಲ್ಲೆಯ ಸ್ಪರ್ಧಿಗಳು ಉತ್ತಮ ಸಾಧನೆ ಮಾಡಿದ್ದಾರೆ.

ಪಟ್ಟಣದ ಶಂಕರಮಠದಲ್ಲಿ ಗೀತಾಜಯಂತಿ ಅಂಗವಾಗಿ ನಡೆದ ಕಾರ್ಯಕ್ರಮದಲ್ಲಿ ಅವರು ಮಾತನಾಡಿದರು.

ಭಗವದ್ಗೀತೆ ಅಪರೂಪವಾದ ವಿಶ್ವಮಾನವ ವಿಜ್ಞಾನ. ನಿತ್ಯ ಸತ್ಯ ದರ್ಶಕವಾದ ಪ್ರವಚನಗಳು ಎಲ್ಲ ಅಧ್ಯಾಯಗಳಲ್ಲಿ ಅಂತರ್ಗತವಾಗಿ ನವ್ಯವಾದ ಜೀವನಕ್ಕೆ ಸುಗಮ ಹಾದಿಯಾಗಿದೆ. ಮಾನವ ಅನುಸರಿಸಬೇಕಾದ ಜೀವನ ನಿಯಮವು ವ್ಯಕ್ತಿತ್ವ ವಿಕಾಸಕ್ಕೆ ಹಿತವಾದ ದಾರಿಯಲ್ಲಿ ಕಾಣಿಸುವುವು ಎಂದರು.

ಸತ್ಸಂಗದ ಸದಸ್ಯ ಮಂಗಳಸತ್ಯಮೂರ್ತಿ ಮಾತನಾಡಿ ಮನಸ್ಸಿಟ್ಟು ಕರ್ಮಫಲಗಳ ಮೇಲೆ ಆಸಕ್ತಿ ಇಲ್ಲದೆ ವ್ಯವಹರಿಸುವವನು ಪರಮ ಪದವನ್ನು ಸೇರುವನೆಂದು ಗೀತೆಯಲ್ಲಿದೆ. ಇಂದಿನ ಜೀವನಕ್ಕೆ ಭಗವದ್ಗೀತೆ ಮಾರ್ಗದರ್ಶನವಾಗಿದೆ ಎಂದು ಬಣ್ಣಿಸಿದರು.

ಸಂಪಾದಕ: ಪಂಕಜ್ ಪ್ರಹ್ಲಾದ್‌ರಾವ್, ಪ್ರಕಾಶಕ, ಮುದ್ರಕ: ಕೆ.ಎನ್. ಶ್ರೀನಿವಾಸ್ ಪ್ರಹ್ಲಾದ್‌ರಾವ್, ನವರತ್ನ ಆಫ್‌ಸೆಟ್, 2ನೇ ರಸ್ತೆ, ಗೌರಿಪೇಟೆ, ಕೋಲಾರ–563101 Phone: 08152-222325 e-mail address: kolarapatrike@gmail.com
